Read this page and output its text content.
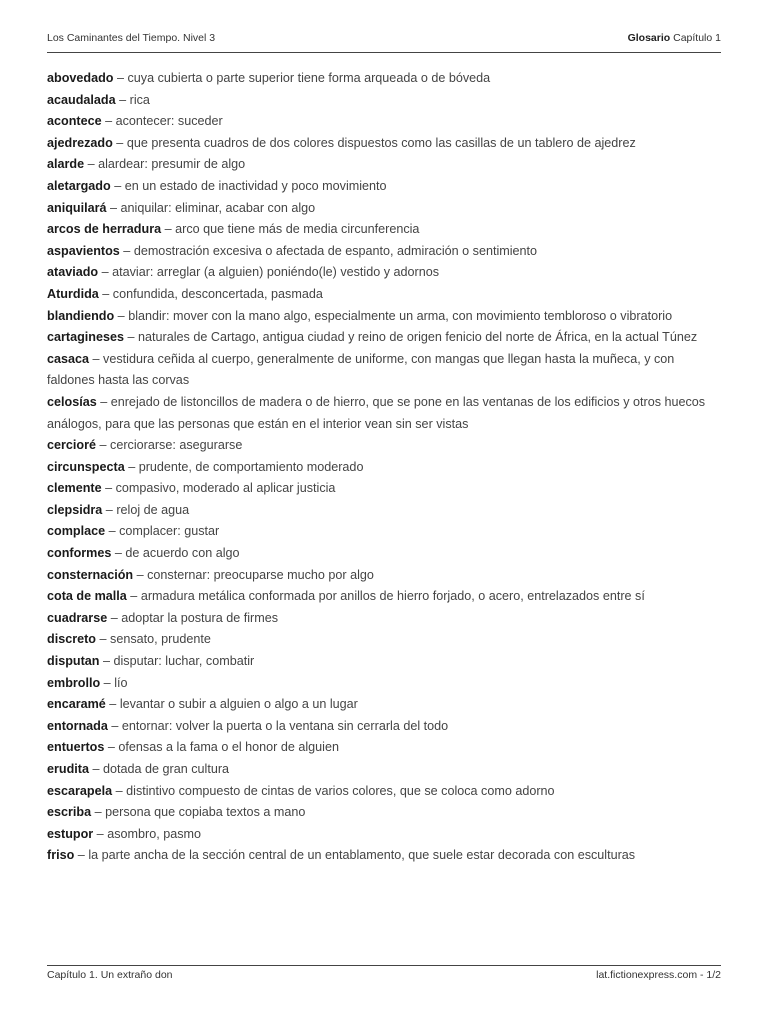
Los Caminantes del Tiempo. Nivel 3	Glosario Capítulo 1

abovedado – cuya cubierta o parte superior tiene forma arqueada o de bóveda

acaudalada – rica

acontece – acontecer: suceder

ajedrezado – que presenta cuadros de dos colores dispuestos como las casillas de un tablero de ajedrez

alarde – alardear: presumir de algo

aletargado – en un estado de inactividad y poco movimiento

aniquilará – aniquilar: eliminar, acabar con algo

arcos de herradura – arco que tiene más de media circunferencia

aspavientos – demostración excesiva o afectada de espanto, admiración o sentimiento

ataviado – ataviar: arreglar (a alguien) poniéndo(le) vestido y adornos

Aturdida – confundida, desconcertada, pasmada

blandiendo – blandir: mover con la mano algo, especialmente un arma, con movimiento tembloroso o vibratorio

cartagineses – naturales de Cartago, antigua ciudad y reino de origen fenicio del norte de África, en la actual Túnez

casaca – vestidura ceñida al cuerpo, generalmente de uniforme, con mangas que llegan hasta la muñeca, y con faldones hasta las corvas

celosías – enrejado de listoncillos de madera o de hierro, que se pone en las ventanas de los edificios y otros huecos análogos, para que las personas que están en el interior vean sin ser vistas

cercioré – cerciorarse: asegurarse

circunspecta – prudente, de comportamiento moderado

clemente – compasivo, moderado al aplicar justicia

clepsidra – reloj de agua

complace – complacer: gustar

conformes – de acuerdo con algo

consternación – consternar: preocuparse mucho por algo

cota de malla – armadura metálica conformada por anillos de hierro forjado, o acero, entrelazados entre sí

cuadrarse – adoptar la postura de firmes

discreto – sensato, prudente

disputan – disputar: luchar, combatir

embrollo – lío

encaramé – levantar o subir a alguien o algo a un lugar

entornada – entornar: volver la puerta o la ventana sin cerrarla del todo

entuertos – ofensas a la fama o el honor de alguien

erudita – dotada de gran cultura

escarapela – distintivo compuesto de cintas de varios colores, que se coloca como adorno

escriba – persona que copiaba textos a mano

estupor – asombro, pasmo

friso – la parte ancha de la sección central de un entablamento, que suele estar decorada con esculturas

Capítulo 1. Un extraño don	lat.fictionexpress.com - 1/2
